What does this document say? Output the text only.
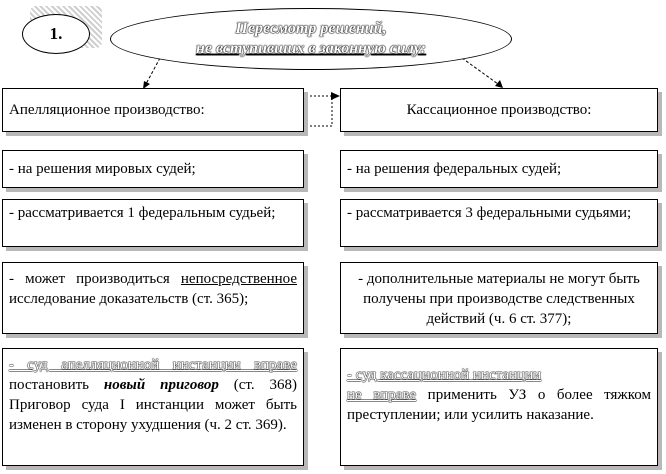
1.	Пересмотр решений,
не вступивших в законную силу:
Апелляционное производство:
- на решения мировых судей;
- рассматривается 1 федеральным судьей;
- может производиться непосредственное исследование доказательств (ст. 365);
- суд апелляционной инстанции вправе постановить новый приговор (ст. 368) Приговор суда I инстанции может быть изменен в сторону ухудшения (ч. 2 ст. 369).
Кассационное производство:
- на решения федеральных судей;
- рассматривается 3 федеральными судьями;
- дополнительные материалы не могут быть получены при производстве следственных действий (ч. 6 ст. 377);
- суд кассационной инстанции
не вправе применить УЗ о более тяжком преступлении; или усилить наказание.
